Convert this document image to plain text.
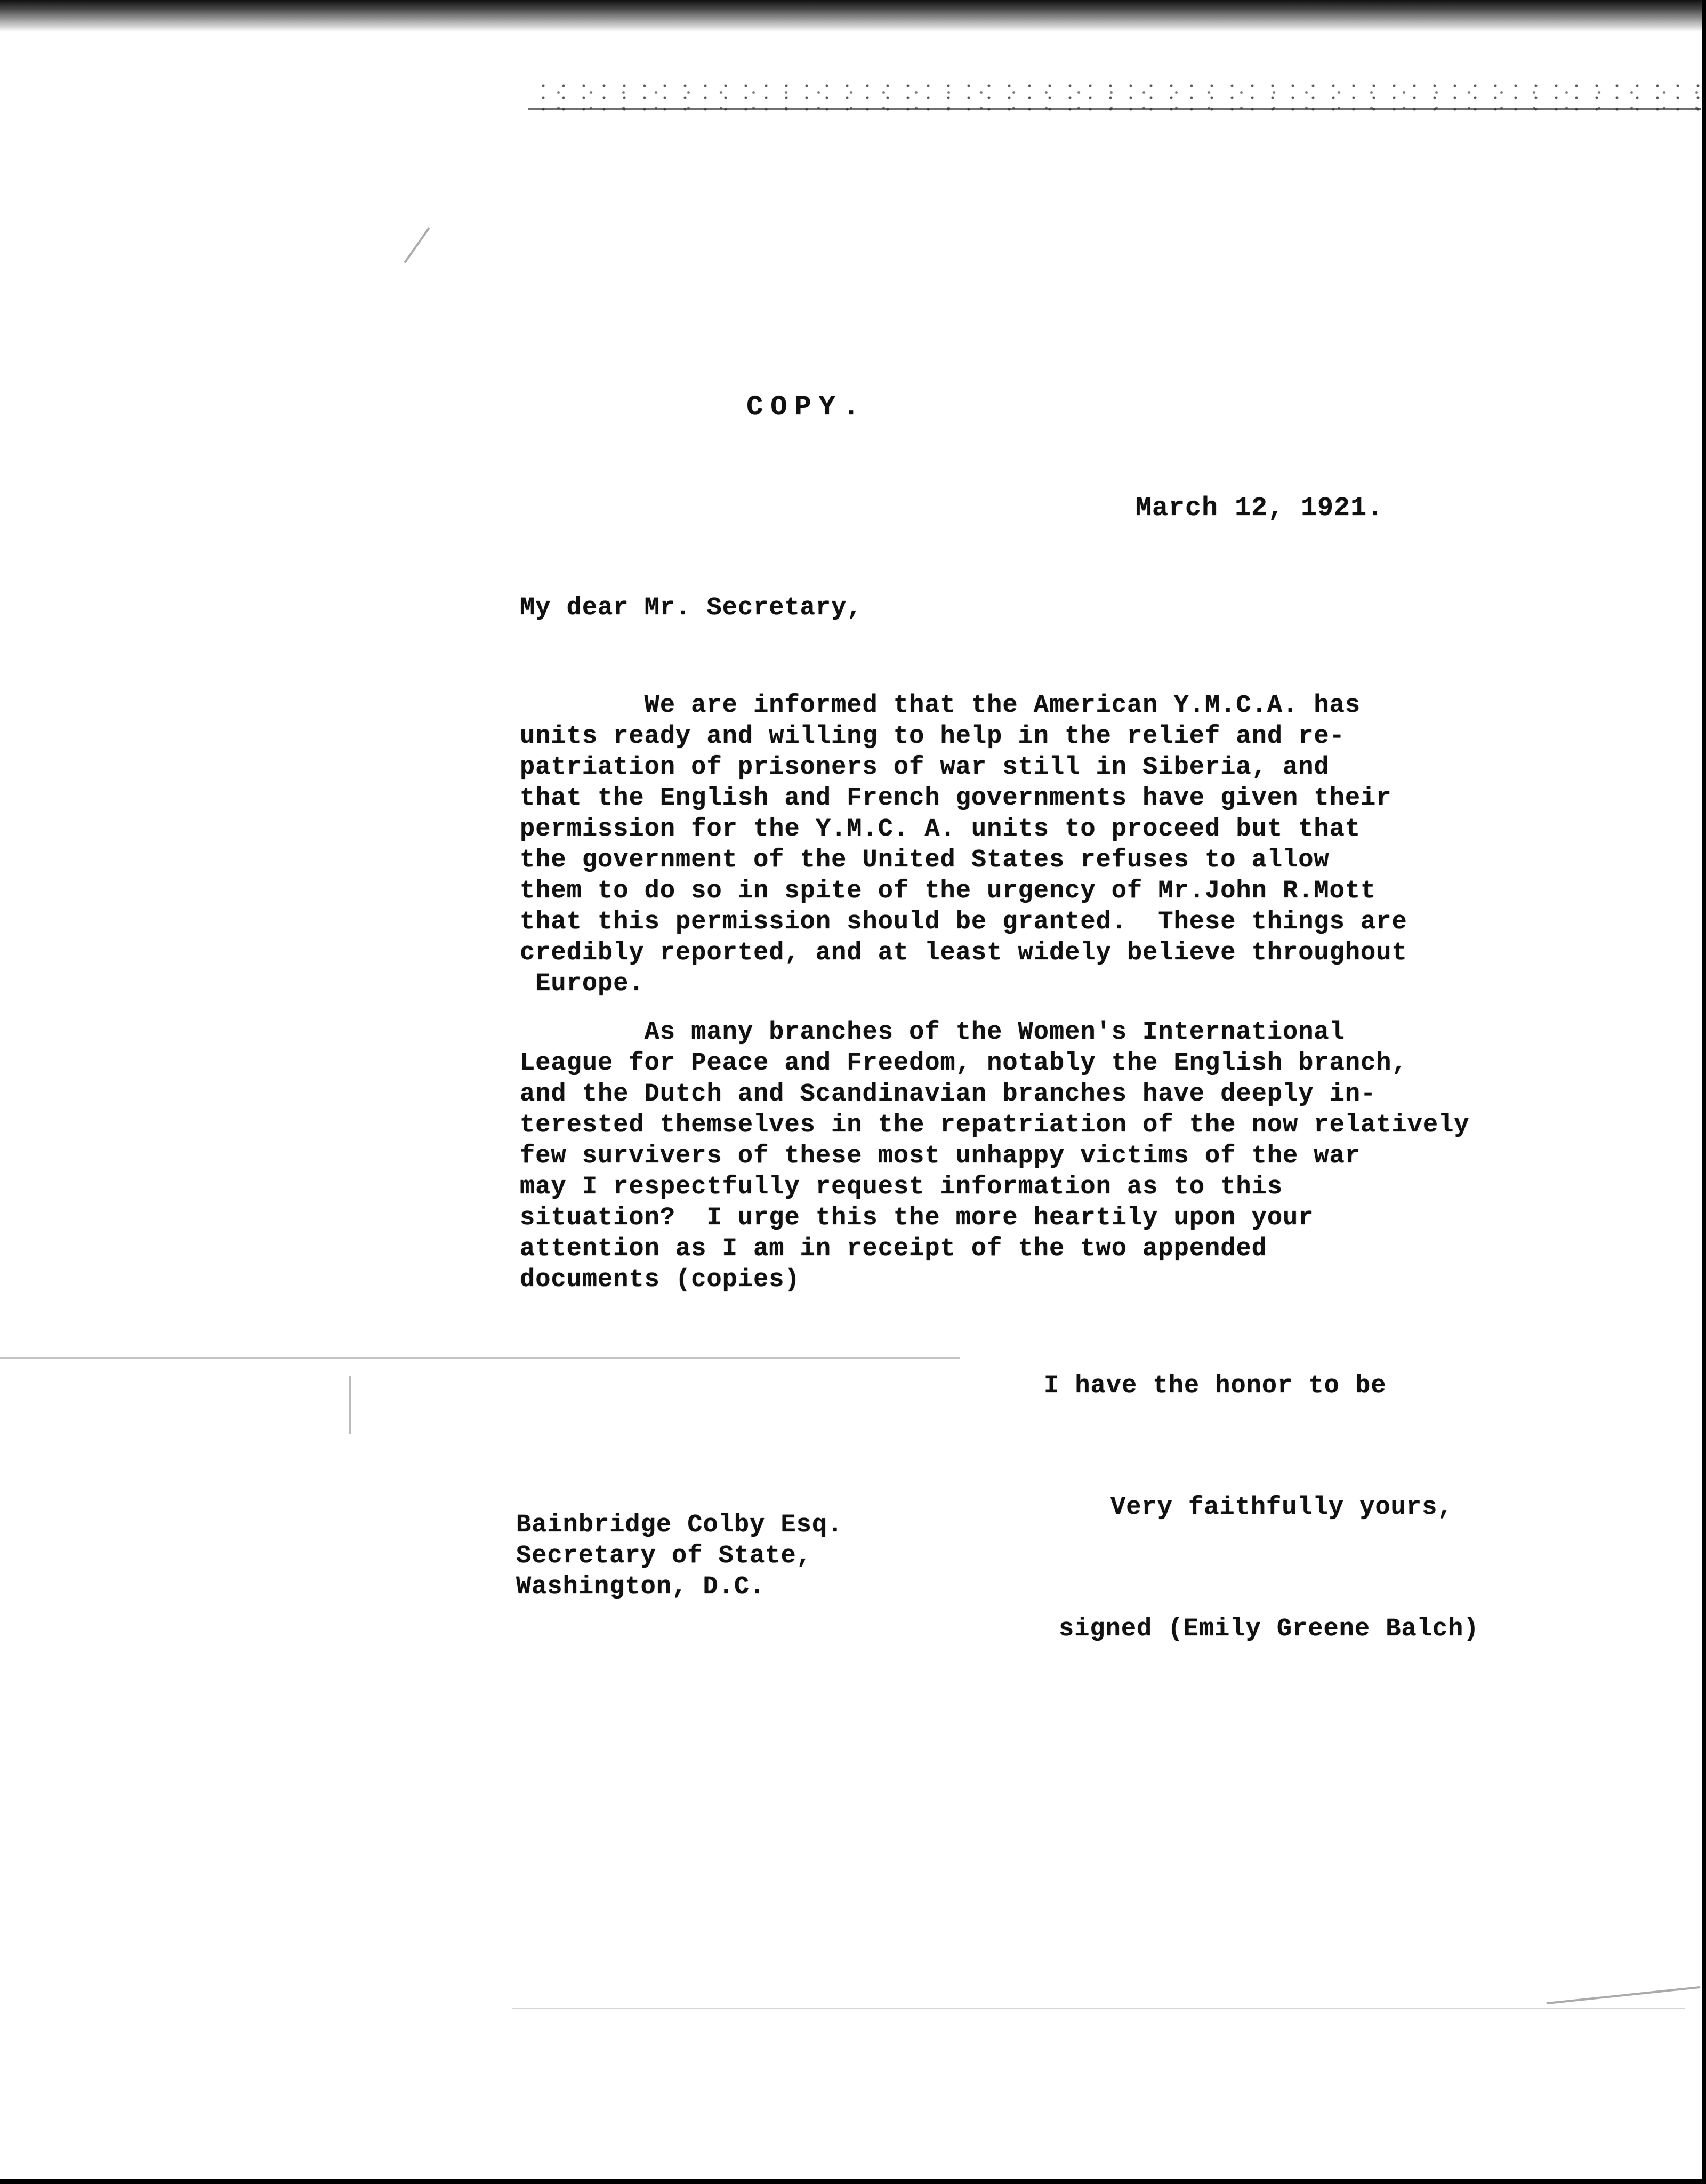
COPY.
March 12, 1921.
My dear Mr. Secretary,
We are informed that the American Y.M.C.A. has
units ready and willing to help in the relief and re-
patriation of prisoners of war still in Siberia, and
that the English and French governments have given their
permission for the Y.M.C. A. units to proceed but that
the government of the United States refuses to allow
them to do so in spite of the urgency of Mr.John R.Mott
that this permission should be granted.  These things are
credibly reported, and at least widely believe throughout
Europe.
As many branches of the Women's International
League for Peace and Freedom, notably the English branch,
and the Dutch and Scandinavian branches have deeply in-
terested themselves in the repatriation of the now relatively
few survivers of these most unhappy victims of the war
may I respectfully request information as to this
situation?  I urge this the more heartily upon your
attention as I am in receipt of the two appended
documents (copies)

I have the honor to be

Very faithfully yours,

signed (Emily Greene Balch)

Bainbridge Colby Esq.
Secretary of State,
Washington, D.C.
